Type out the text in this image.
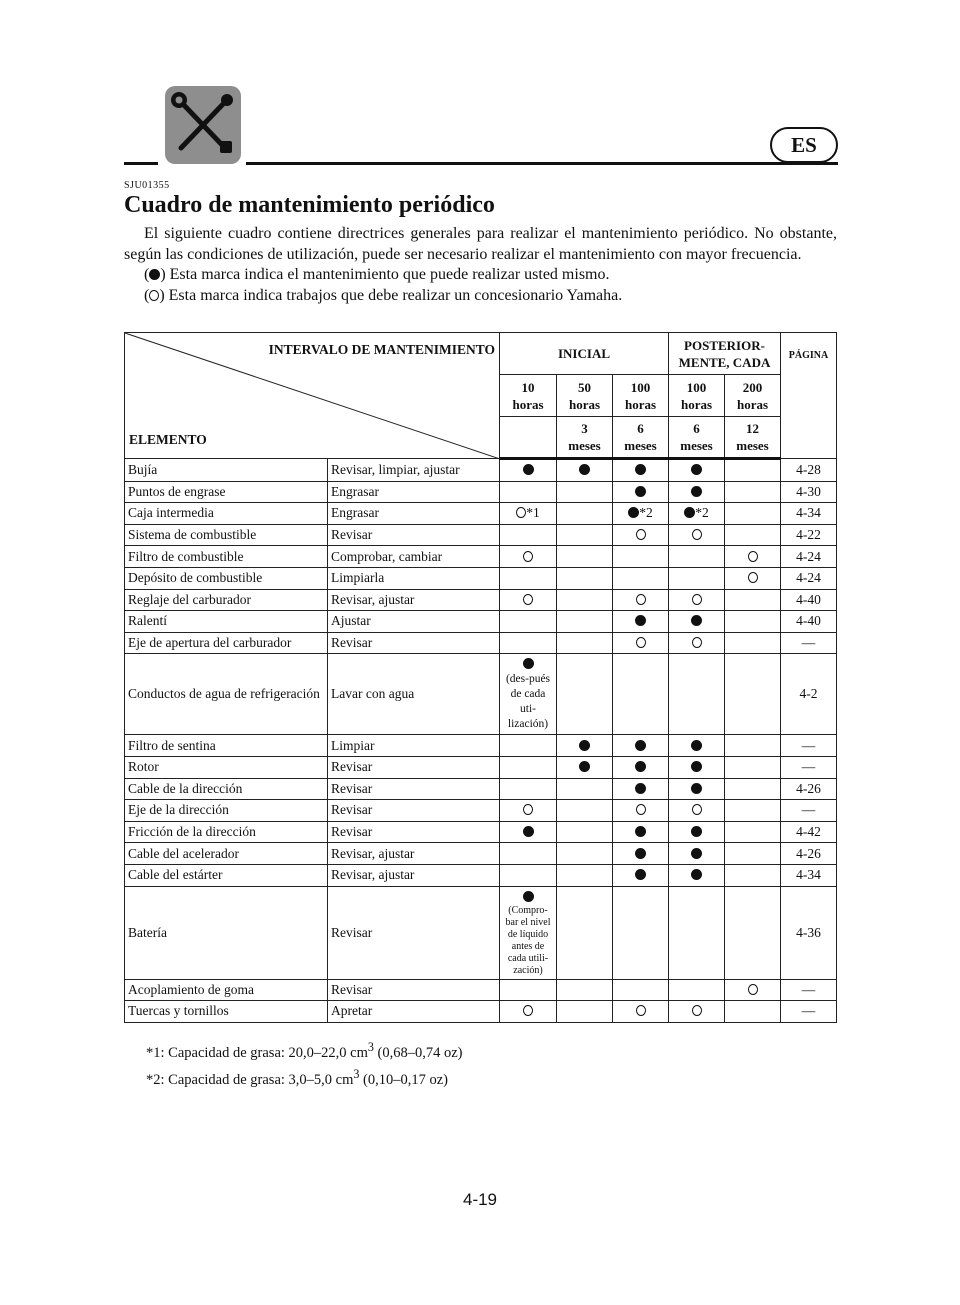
ES
SJU01355
Cuadro de mantenimiento periódico

El siguiente cuadro contiene directrices generales para realizar el mantenimiento periódico. No obstante, según las condiciones de utilización, puede ser necesario realizar el mantenimiento con mayor frecuencia.

( ) Esta marca indica el mantenimiento que puede realizar usted mismo.

( ) Esta marca indica trabajos que debe realizar un concesionario Yamaha.

INTERVALO DE MANTENIMIENTO
ELEMENTO		INICIAL			POSTERIOR-MENTE, CADA		PÁGINA
		10 horas	50 horas	100 horas	100 horas	200 horas	
			3 meses	6 meses	6 meses	12 meses	
Bujía	Revisar, limpiar, ajustar						4-28
Puntos de engrase	Engrasar						4-30
Caja intermedia	Engrasar	*1		*2	*2		4-34
Sistema de combustible	Revisar						4-22
Filtro de combustible	Comprobar, cambiar						4-24
Depósito de combustible	Limpiarla						4-24
Reglaje del carburador	Revisar, ajustar						4-40
Ralentí	Ajustar						4-40
Eje de apertura del carburador	Revisar						—
Conductos de agua de refrigeración	Lavar con agua	(des-pués de cada uti-lización)					4-2
Filtro de sentina	Limpiar						—
Rotor	Revisar						—
Cable de la dirección	Revisar						4-26
Eje de la dirección	Revisar						—
Fricción de la dirección	Revisar						4-42
Cable del acelerador	Revisar, ajustar						4-26
Cable del estárter	Revisar, ajustar						4-34
Batería	Revisar	(Compro-bar el nivel de líquido antes de cada utili-zación)					4-36
Acoplamiento de goma	Revisar						—
Tuercas y tornillos	Apretar						—

*1: Capacidad de grasa: 20,0–22,0 $cm^3$ (0,68–0,74 oz)

*2: Capacidad de grasa: 3,0–5,0 $cm^3$ (0,10–0,17 oz)

4-19
